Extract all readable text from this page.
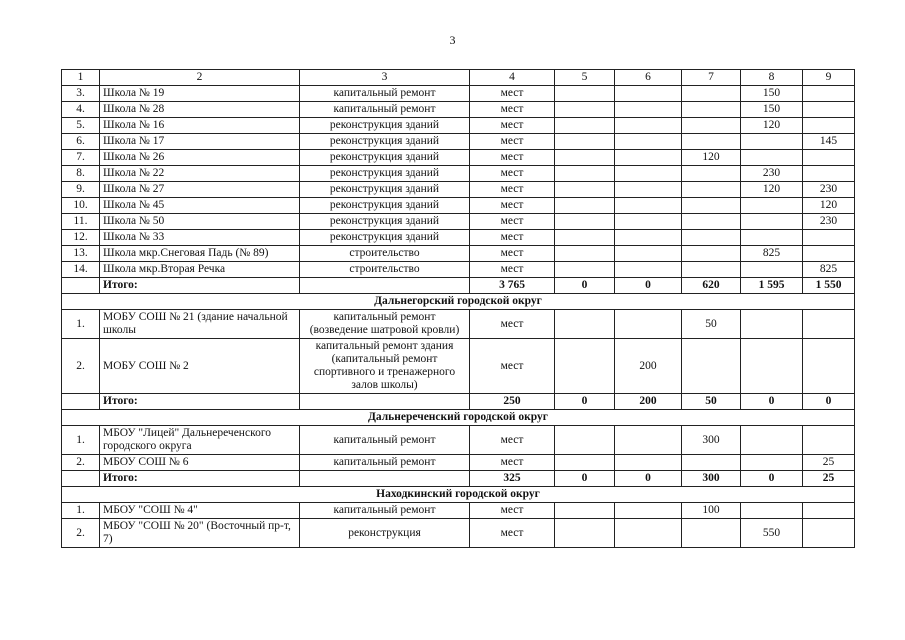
3
1	2	3	4	5	6	7	8	9
3.	Школа № 19	капитальный ремонт	мест				150	
4.	Школа № 28	капитальный ремонт	мест				150	
5.	Школа № 16	реконструкция зданий	мест				120	
6.	Школа № 17	реконструкция зданий	мест					145
7.	Школа № 26	реконструкция зданий	мест			120		
8.	Школа № 22	реконструкция зданий	мест				230	
9.	Школа № 27	реконструкция зданий	мест				120	230
10.	Школа № 45	реконструкция зданий	мест					120
11.	Школа № 50	реконструкция зданий	мест					230
12.	Школа № 33	реконструкция зданий	мест					
13.	Школа мкр.Снеговая Падь (№ 89)	строительство	мест				825	
14.	Школа мкр.Вторая Речка	строительство	мест					825
	Итого:		3 765	0	0	620	1 595	1 550
Дальнегорский городской округ								
1.	МОБУ СОШ № 21 (здание начальной школы	капитальный ремонт (возведение шатровой кровли)	мест			50		
2.	МОБУ СОШ № 2	капитальный ремонт здания (капитальный ремонт спортивного и тренажерного залов школы)	мест		200			
	Итого:		250	0	200	50	0	0
Дальнереченский городской округ								
1.	МБОУ "Лицей" Дальнереченского городского округа	капитальный ремонт	мест			300		
2.	МБОУ СОШ № 6	капитальный ремонт	мест					25
	Итого:		325	0	0	300	0	25
Находкинский городской округ								
1.	МБОУ "СОШ № 4"	капитальный ремонт	мест			100		
2.	МБОУ "СОШ № 20" (Восточный пр-т, 7)	реконструкция	мест				550	
